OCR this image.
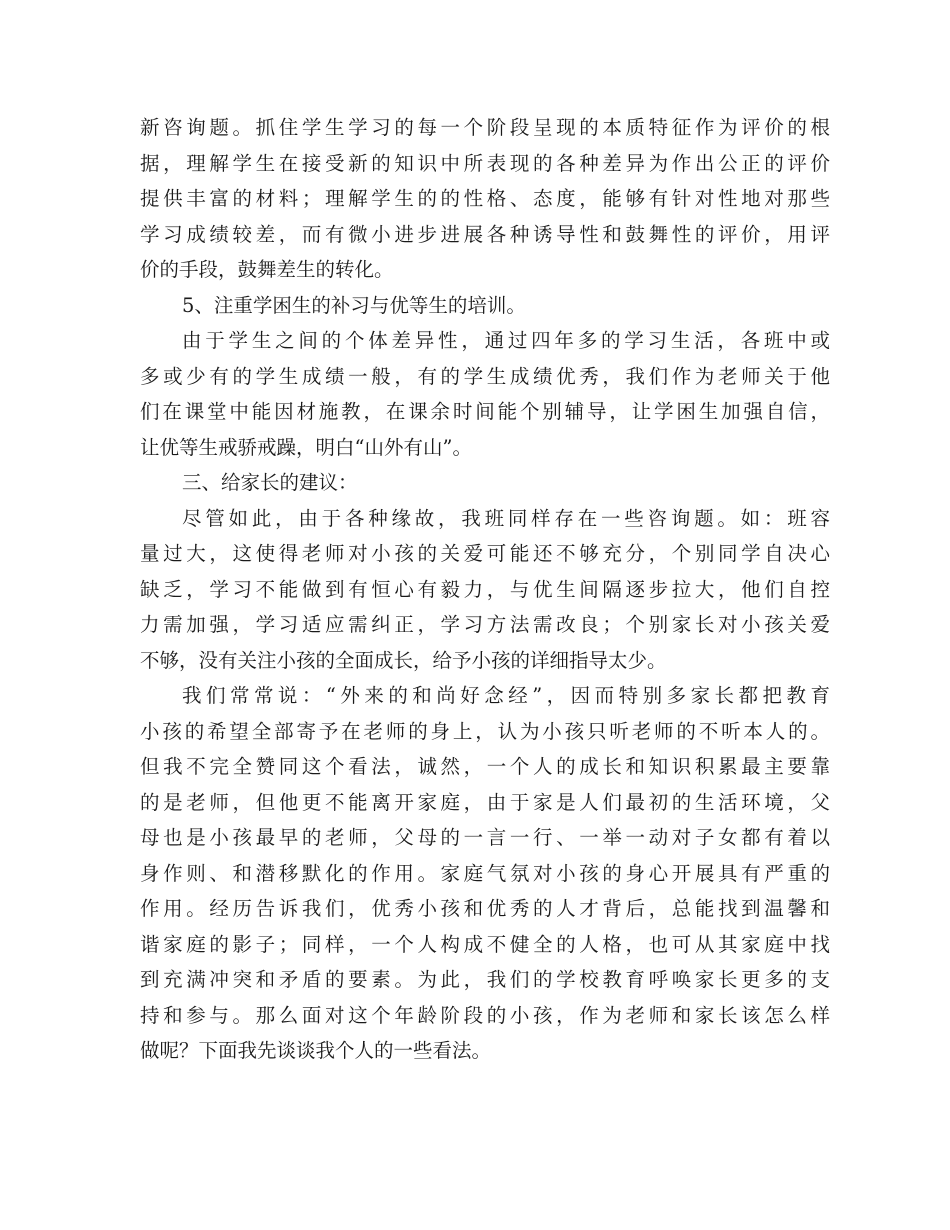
新咨询题。抓住学生学习的每一个阶段呈现的本质特征作为评价的根
据，理解学生在接受新的知识中所表现的各种差异为作出公正的评价
提供丰富的材料；理解学生的的性格、态度，能够有针对性地对那些
学习成绩较差，而有微小进步进展各种诱导性和鼓舞性的评价，用评
价的手段，鼓舞差生的转化。
5、注重学困生的补习与优等生的培训。
由于学生之间的个体差异性，通过四年多的学习生活，各班中或
多或少有的学生成绩一般，有的学生成绩优秀，我们作为老师关于他
们在课堂中能因材施教，在课余时间能个别辅导，让学困生加强自信，
让优等生戒骄戒躁，明白“山外有山”。
三、给家长的建议：
尽管如此，由于各种缘故，我班同样存在一些咨询题。如：班容
量过大，这使得老师对小孩的关爱可能还不够充分，个别同学自决心
缺乏，学习不能做到有恒心有毅力，与优生间隔逐步拉大，他们自控
力需加强，学习适应需纠正，学习方法需改良；个别家长对小孩关爱
不够，没有关注小孩的全面成长，给予小孩的详细指导太少。
我们常常说：“外来的和尚好念经”，因而特别多家长都把教育
小孩的希望全部寄予在老师的身上，认为小孩只听老师的不听本人的。
但我不完全赞同这个看法，诚然，一个人的成长和知识积累最主要靠
的是老师，但他更不能离开家庭，由于家是人们最初的生活环境，父
母也是小孩最早的老师，父母的一言一行、一举一动对子女都有着以
身作则、和潜移默化的作用。家庭气氛对小孩的身心开展具有严重的
作用。经历告诉我们，优秀小孩和优秀的人才背后，总能找到温馨和
谐家庭的影子；同样，一个人构成不健全的人格，也可从其家庭中找
到充满冲突和矛盾的要素。为此，我们的学校教育呼唤家长更多的支
持和参与。那么面对这个年龄阶段的小孩，作为老师和家长该怎么样
做呢？下面我先谈谈我个人的一些看法。
